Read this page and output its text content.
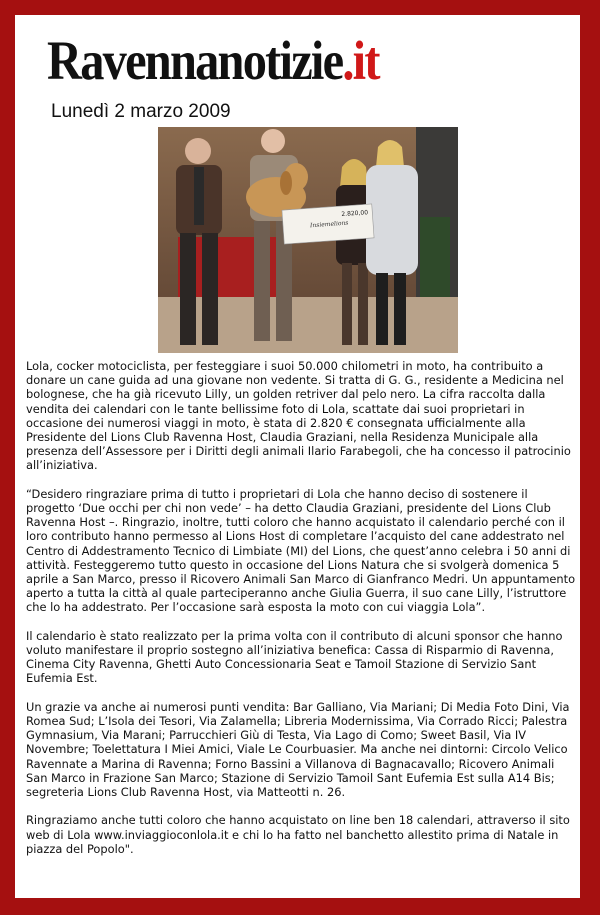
Ravennanotizie.it
Lunedì 2 marzo 2009
Insiemelions
2.820,00

Lola, cocker motociclista, per festeggiare i suoi 50.000 chilometri in moto, ha contribuito a donare un cane guida ad una giovane non vedente. Si tratta di G. G., residente a Medicina nel bolognese, che ha già ricevuto Lilly, un golden retriver dal pelo nero. La cifra raccolta dalla vendita dei calendari con le tante bellissime foto di Lola, scattate dai suoi proprietari in occasione dei numerosi viaggi in moto, è stata di 2.820 € consegnata ufficialmente alla Presidente del Lions Club Ravenna Host, Claudia Graziani, nella Residenza Municipale alla presenza dell’Assessore per i Diritti degli animali Ilario Farabegoli, che ha concesso il patrocinio all’iniziativa.

“Desidero ringraziare prima di tutto i proprietari di Lola che hanno deciso di sostenere il progetto ‘Due occhi per chi non vede’ – ha detto Claudia Graziani, presidente del Lions Club Ravenna Host –. Ringrazio, inoltre, tutti coloro che hanno acquistato il calendario perché con il loro contributo hanno permesso al Lions Host di completare l’acquisto del cane addestrato nel Centro di Addestramento Tecnico di Limbiate (MI) del Lions, che quest’anno celebra i 50 anni di attività. Festeggeremo tutto questo in occasione del Lions Natura che si svolgerà domenica 5 aprile a San Marco, presso il Ricovero Animali San Marco di Gianfranco Medri. Un appuntamento aperto a tutta la città al quale parteciperanno anche Giulia Guerra, il suo cane Lilly, l’istruttore che lo ha addestrato. Per l’occasione sarà esposta la moto con cui viaggia Lola”.

Il calendario è stato realizzato per la prima volta con il contributo di alcuni sponsor che hanno voluto manifestare il proprio sostegno all’iniziativa benefica: Cassa di Risparmio di Ravenna, Cinema City Ravenna, Ghetti Auto Concessionaria Seat e Tamoil Stazione di Servizio Sant Eufemia Est.

Un grazie va anche ai numerosi punti vendita: Bar Galliano, Via Mariani; Di Media Foto Dini, Via Romea Sud; L’Isola dei Tesori, Via Zalamella; Libreria Modernissima, Via Corrado Ricci; Palestra Gymnasium, Via Marani; Parrucchieri Giù di Testa, Via Lago di Como; Sweet Basil, Via IV Novembre; Toelettatura I Miei Amici, Viale Le Courbuasier. Ma anche nei dintorni: Circolo Velico Ravennate a Marina di Ravenna; Forno Bassini a Villanova di Bagnacavallo; Ricovero Animali San Marco in Frazione San Marco; Stazione di Servizio Tamoil Sant Eufemia Est sulla A14 Bis; segreteria Lions Club Ravenna Host, via Matteotti n. 26.

Ringraziamo anche tutti coloro che hanno acquistato on line ben 18 calendari, attraverso il sito web di Lola www.inviaggioconlola.it e chi lo ha fatto nel banchetto allestito prima di Natale in piazza del Popolo".
